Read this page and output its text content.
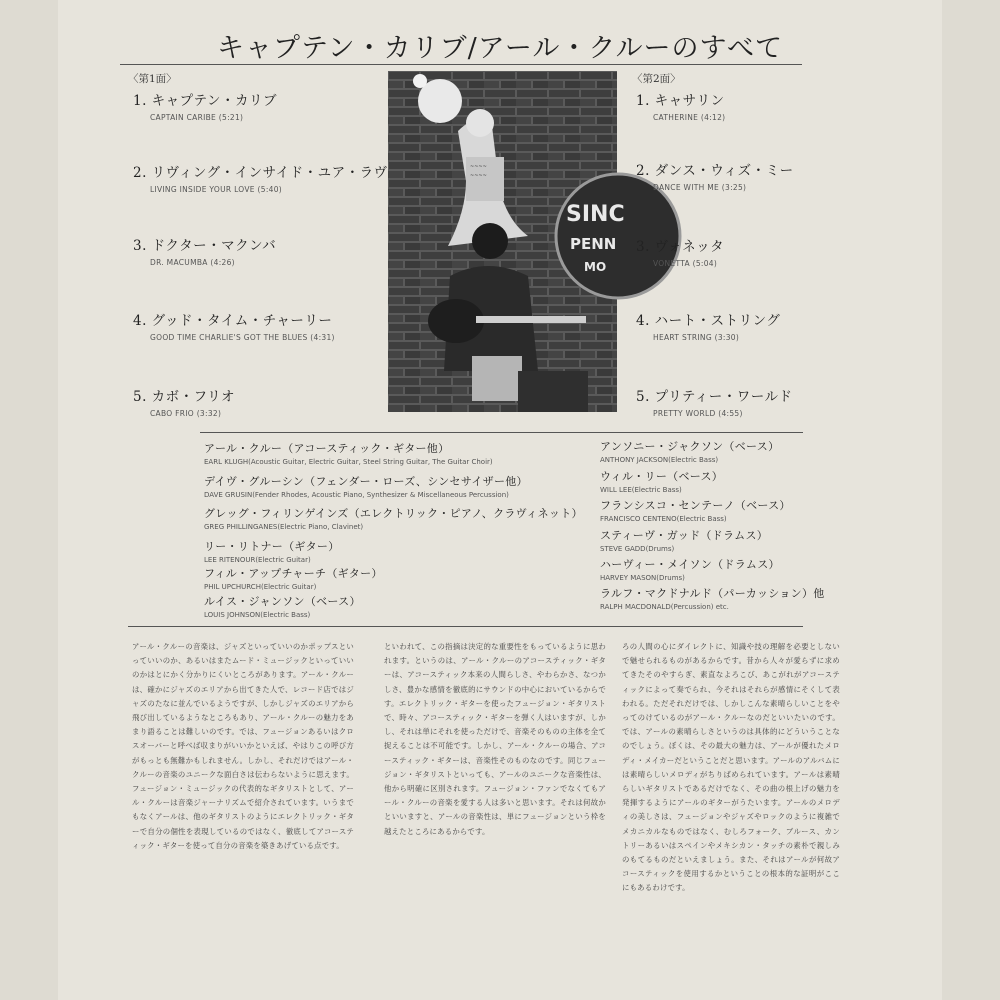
キャプテン・カリブ/アール・クルーのすべて
〈第1面〉
1. キャプテン・カリブ
CAPTAIN CARIBE (5:21)
2. リヴィング・インサイド・ユア・ラヴ
LIVING INSIDE YOUR LOVE (5:40)
3. ドクター・マクンバ
DR. MACUMBA (4:26)
4. グッド・タイム・チャーリー
GOOD TIME CHARLIE'S GOT THE BLUES (4:31)
5. カボ・フリオ
CABO FRIO (3:32)
~~~~
~~~~
SINC
PENN
MO
〈第2面〉
1. キャサリン
CATHERINE (4:12)
2. ダンス・ウィズ・ミー
DANCE WITH ME (3:25)
3. ヴォネッタ
VONETTA (5:04)
4. ハート・ストリング
HEART STRING (3:30)
5. プリティー・ワールド
PRETTY WORLD (4:55)
アール・クルー（アコースティック・ギター他）
EARL KLUGH(Acoustic Guitar, Electric Guitar, Steel String Guitar, The Guitar Choir)
デイヴ・グルーシン（フェンダー・ローズ、シンセサイザー他）
DAVE GRUSIN(Fender Rhodes, Acoustic Piano, Synthesizer & Miscellaneous Percussion)
グレッグ・フィリンゲインズ（エレクトリック・ピアノ、クラヴィネット）
GREG PHILLINGANES(Electric Piano, Clavinet)
リー・リトナー（ギター）
LEE RITENOUR(Electric Guitar)
フィル・アップチャーチ（ギター）
PHIL UPCHURCH(Electric Guitar)
ルイス・ジャンソン（ベース）
LOUIS JOHNSON(Electric Bass)
アンソニー・ジャクソン（ベース）
ANTHONY JACKSON(Electric Bass)
ウィル・リー（ベース）
WILL LEE(Electric Bass)
フランシスコ・センテーノ（ベース）
FRANCISCO CENTENO(Electric Bass)
スティーヴ・ガッド（ドラムス）
STEVE GADD(Drums)
ハーヴィー・メイソン（ドラムス）
HARVEY MASON(Drums)
ラルフ・マクドナルド（パーカッション）他
RALPH MACDONALD(Percussion) etc.
アール・クルーの音楽は、ジャズといっていいのかポップスといっていいのか、あるいはまたムード・ミュージックといっていいのかはとにかく分かりにくいところがあります。アール・クルーは、確かにジャズのエリアから出てきた人で、レコード店ではジャズのたなに並んでいるようですが、しかしジャズのエリアから飛び出しているようなところもあり、アール・クルーの魅力をあまり語ることは難しいのです。では、フュージョンあるいはクロスオーバーと呼べば収まりがいいかといえば、やはりこの呼び方がもっとも無難かもしれません。しかし、それだけではアール・クルーの音楽のユニークな面白さは伝わらないように思えます。フュージョン・ミュージックの代表的なギタリストとして、アール・クルーは音楽ジャーナリズムで紹介されています。いうまでもなくアールは、他のギタリストのようにエレクトリック・ギターで自分の個性を表現しているのではなく、徹底してアコースティック・ギターを使って自分の音楽を築きあげている点です。
といわれて、この指摘は決定的な重要性をもっているように思われます。というのは、アール・クルーのアコースティック・ギターは、アコースティック本来の人間らしさ、やわらかさ、なつかしさ、豊かな感情を徹底的にサウンドの中心においているからです。エレクトリック・ギターを使ったフュージョン・ギタリストで、時々、アコースティック・ギターを弾く人はいますが、しかし、それは単にそれを使っただけで、音楽そのものの主体を全て捉えることは不可能です。しかし、アール・クルーの場合、アコースティック・ギターは、音楽性そのものなのです。同じフュージョン・ギタリストといっても、アールのユニークな音楽性は、他から明確に区別されます。フュージョン・ファンでなくてもアール・クルーの音楽を愛する人は多いと思います。それは何故かといいますと、アールの音楽性は、単にフュージョンという枠を越えたところにあるからです。
ろの人間の心にダイレクトに、知識や技の理解を必要としないで魅せられるものがあるからです。昔から人々が愛らずに求めてきたそのやすらぎ、素直なよろこび、あこがれがアコースティックによって奏でられ、今それはそれらが感情にそくして表われる。ただそれだけでは、しかしこんな素晴らしいことをやってのけているのがアール・クルーなのだといいたいのです。では、アールの素晴らしさというのは具体的にどういうことなのでしょう。ぼくは、その最大の魅力は、アールが優れたメロディ・メイカーだということだと思います。アールのアルバムには素晴らしいメロディがちりばめられています。アールは素晴らしいギタリストであるだけでなく、その曲の根上げの魅力を発揮するようにアールのギターがうたいます。アールのメロディの美しさは、フュージョンやジャズやロックのように複雑でメカニカルなものではなく、むしろフォーク、ブルース、カントリーあるいはスペインやメキシカン・タッチの素朴で親しみのもてるものだといえましょう。また、それはアールが何故アコースティックを使用するかということの根本的な証明がここにもあるわけです。
